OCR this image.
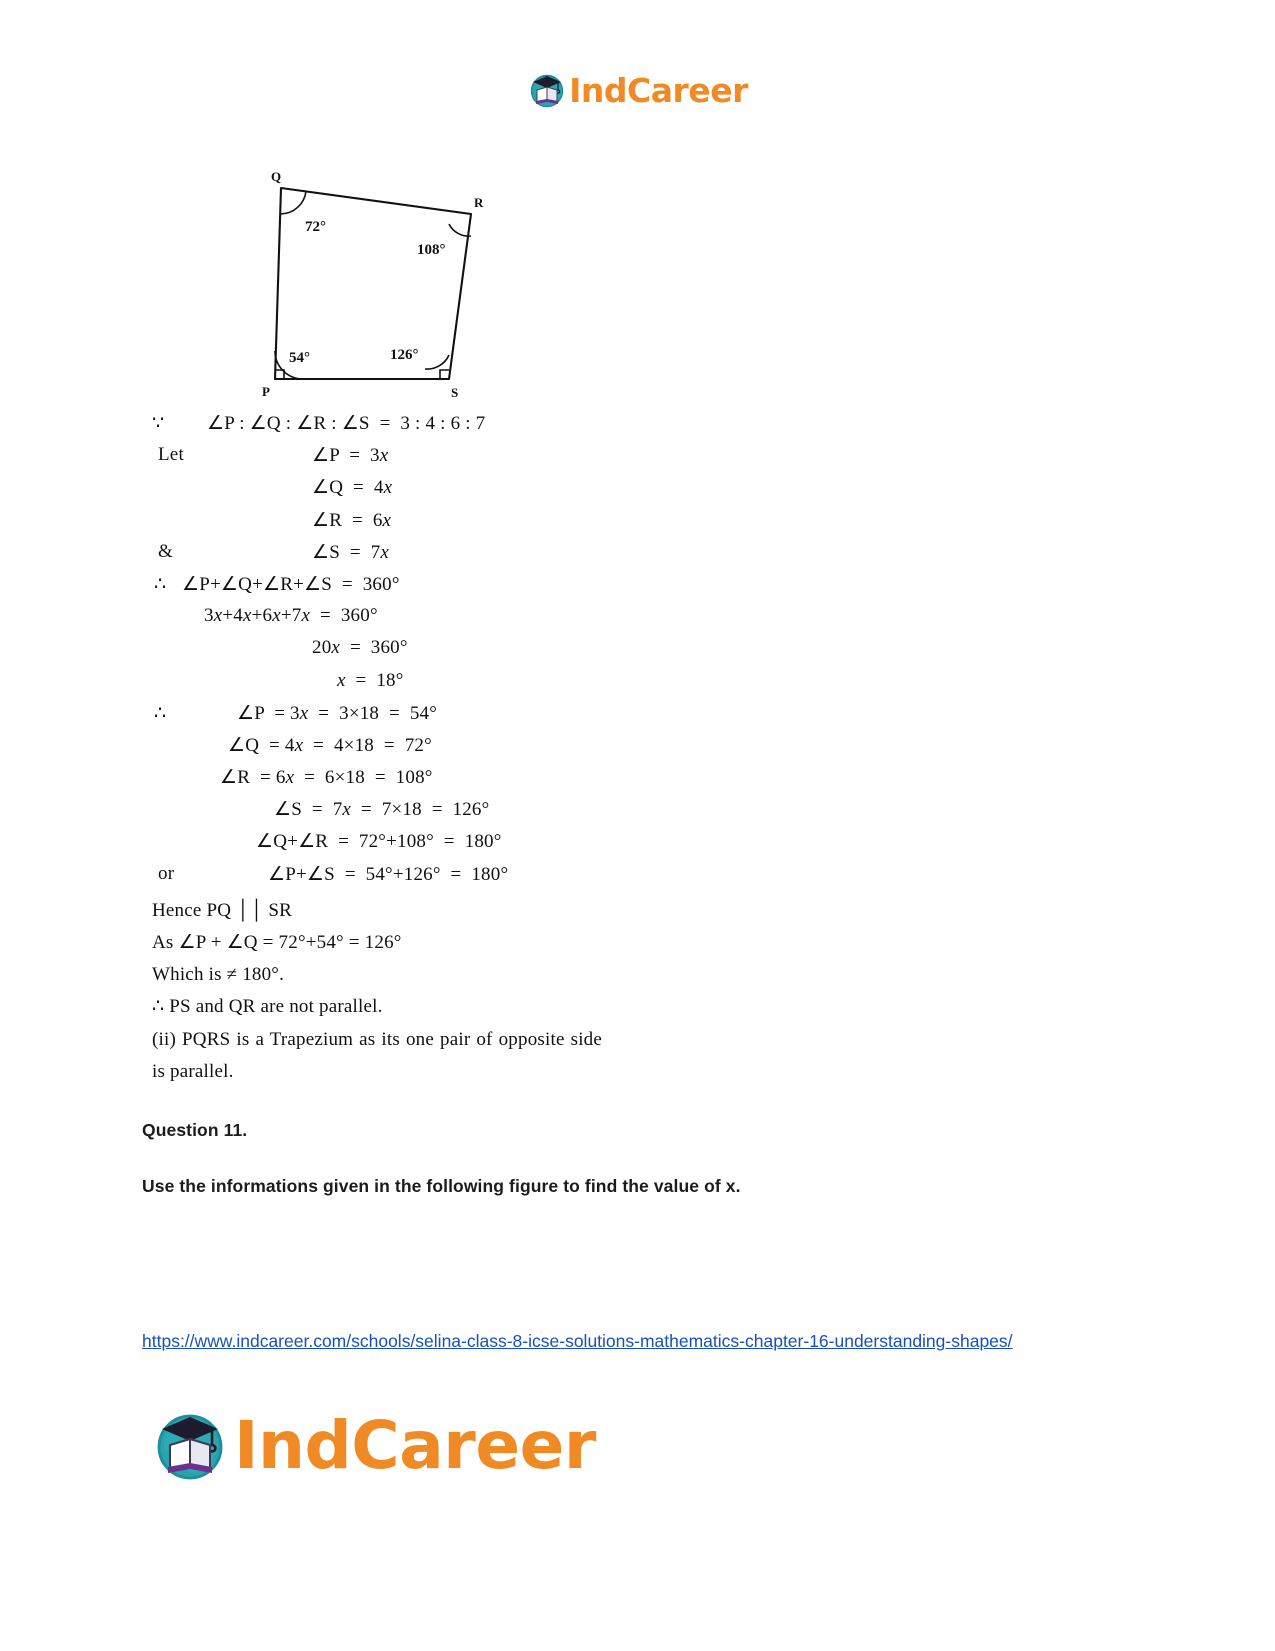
IndCareer
Q
R
P	S
72°
108°
54°	126°
∵ ∠P : ∠Q : ∠R : ∠S  =  3 : 4 : 6 : 7
Let	∠P  =  3x
∠Q  =  4x
∠R  =  6x
&	∠S  =  7x
∴ ∠P+∠Q+∠R+∠S  =  360°
3x+4x+6x+7x  =  360°
20x  =  360°
x  =  18°
∴	∠P  = 3x  =  3×18  =  54°
∠Q  = 4x  =  4×18  =  72°
∠R  = 6x  =  6×18  =  108°
∠S  =  7x  =  7×18  =  126°
∠Q+∠R  =  72°+108°  =  180°
or	∠P+∠S  =  54°+126°  =  180°
Hence PQ ││ SR
As ∠P + ∠Q = 72°+54° = 126°
Which is ≠ 180°.
∴ PS and QR are not parallel.
(ii) PQRS is a Trapezium as its one pair of opposite side is parallel.
Question 11.
Use the informations given in the following figure to find the value of x.
https://www.indcareer.com/schools/selina-class-8-icse-solutions-mathematics-chapter-16-understanding-shapes/
IndCareer
